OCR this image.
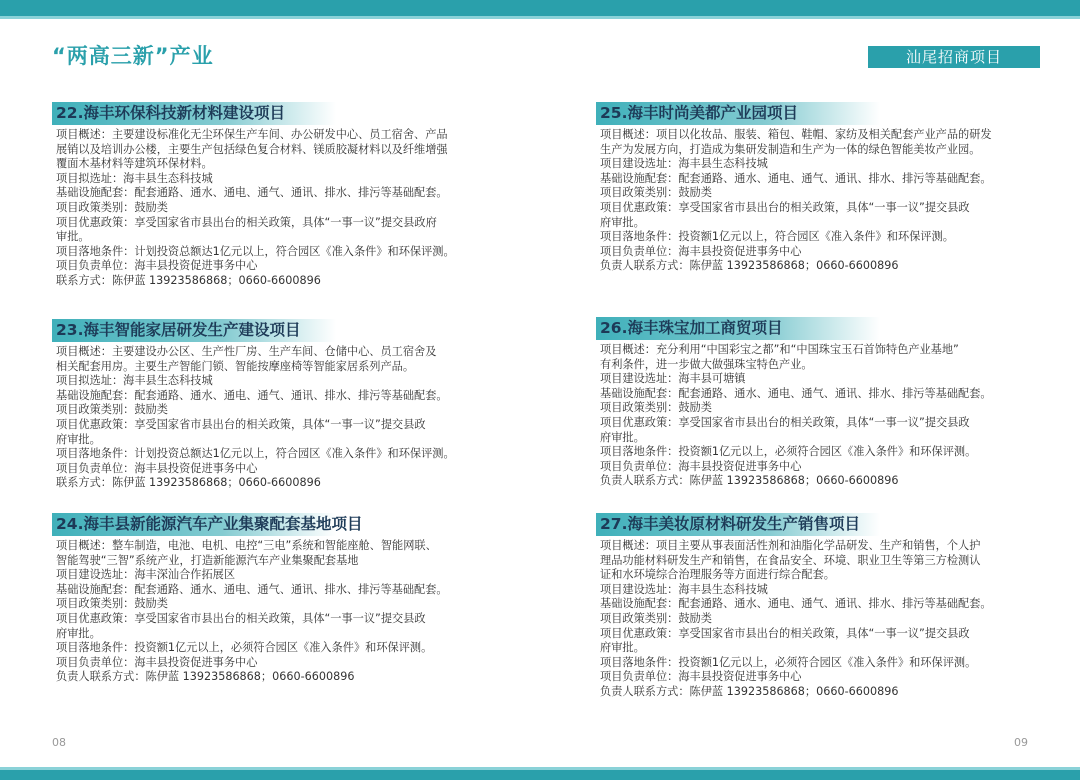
“两高三新”产业	汕尾招商项目
22.海丰环保科技新材料建设项目

项目概述：主要建设标准化无尘环保生产车间、办公研发中心、员工宿舍、产品

展销以及培训办公楼，主要生产包括绿色复合材料、镁质胶凝材料以及纤维增强

覆面木基材料等建筑环保材料。

项目拟选址：海丰县生态科技城

基础设施配套：配套通路、通水、通电、通气、通讯、排水、排污等基础配套。

项目政策类别：鼓励类

项目优惠政策：享受国家省市县出台的相关政策，具体“一事一议”提交县政府

审批。

项目落地条件：计划投资总额达1亿元以上，符合园区《准入条件》和环保评测。

项目负责单位：海丰县投资促进事务中心

联系方式：陈伊蓝 13923586868；0660-6600896

23.海丰智能家居研发生产建设项目

项目概述：主要建设办公区、生产性厂房、生产车间、仓储中心、员工宿舍及

相关配套用房。主要生产智能门锁、智能按摩座椅等智能家居系列产品。

项目拟选址：海丰县生态科技城

基础设施配套：配套通路、通水、通电、通气、通讯、排水、排污等基础配套。

项目政策类别：鼓励类

项目优惠政策：享受国家省市县出台的相关政策，具体“一事一议”提交县政

府审批。

项目落地条件：计划投资总额达1亿元以上，符合园区《准入条件》和环保评测。

项目负责单位：海丰县投资促进事务中心

联系方式：陈伊蓝 13923586868；0660-6600896

24.海丰县新能源汽车产业集聚配套基地项目

项目概述：整车制造，电池、电机、电控“三电”系统和智能座舱、智能网联、

智能驾驶“三智”系统产业，打造新能源汽车产业集聚配套基地

项目建设选址：海丰深汕合作拓展区

基础设施配套：配套通路、通水、通电、通气、通讯、排水、排污等基础配套。

项目政策类别：鼓励类

项目优惠政策：享受国家省市县出台的相关政策，具体“一事一议”提交县政

府审批。

项目落地条件：投资额1亿元以上，必须符合园区《准入条件》和环保评测。

项目负责单位：海丰县投资促进事务中心

负责人联系方式：陈伊蓝 13923586868；0660-6600896

25.海丰时尚美都产业园项目

项目概述：项目以化妆品、服装、箱包、鞋帽、家纺及相关配套产业产品的研发

生产为发展方向，打造成为集研发制造和生产为一体的绿色智能美妆产业园。

项目建设选址：海丰县生态科技城

基础设施配套：配套通路、通水、通电、通气、通讯、排水、排污等基础配套。

项目政策类别：鼓励类

项目优惠政策：享受国家省市县出台的相关政策，具体“一事一议”提交县政

府审批。

项目落地条件：投资额1亿元以上，符合园区《准入条件》和环保评测。

项目负责单位：海丰县投资促进事务中心

负责人联系方式：陈伊蓝 13923586868；0660-6600896

26.海丰珠宝加工商贸项目

项目概述：充分利用“中国彩宝之都”和“中国珠宝玉石首饰特色产业基地”

有利条件，进一步做大做强珠宝特色产业。

项目建设选址：海丰县可塘镇

基础设施配套：配套通路、通水、通电、通气、通讯、排水、排污等基础配套。

项目政策类别：鼓励类

项目优惠政策：享受国家省市县出台的相关政策，具体“一事一议”提交县政

府审批。

项目落地条件：投资额1亿元以上，必须符合园区《准入条件》和环保评测。

项目负责单位：海丰县投资促进事务中心

负责人联系方式：陈伊蓝 13923586868；0660-6600896

27.海丰美妆原材料研发生产销售项目

项目概述：项目主要从事表面活性剂和油脂化学品研发、生产和销售，个人护

理品功能材料研发生产和销售，在食品安全、环境、职业卫生等第三方检测认

证和水环境综合治理服务等方面进行综合配套。

项目建设选址：海丰县生态科技城

基础设施配套：配套通路、通水、通电、通气、通讯、排水、排污等基础配套。

项目政策类别：鼓励类

项目优惠政策：享受国家省市县出台的相关政策，具体“一事一议”提交县政

府审批。

项目落地条件：投资额1亿元以上，必须符合园区《准入条件》和环保评测。

项目负责单位：海丰县投资促进事务中心

负责人联系方式：陈伊蓝 13923586868；0660-6600896

08	09
